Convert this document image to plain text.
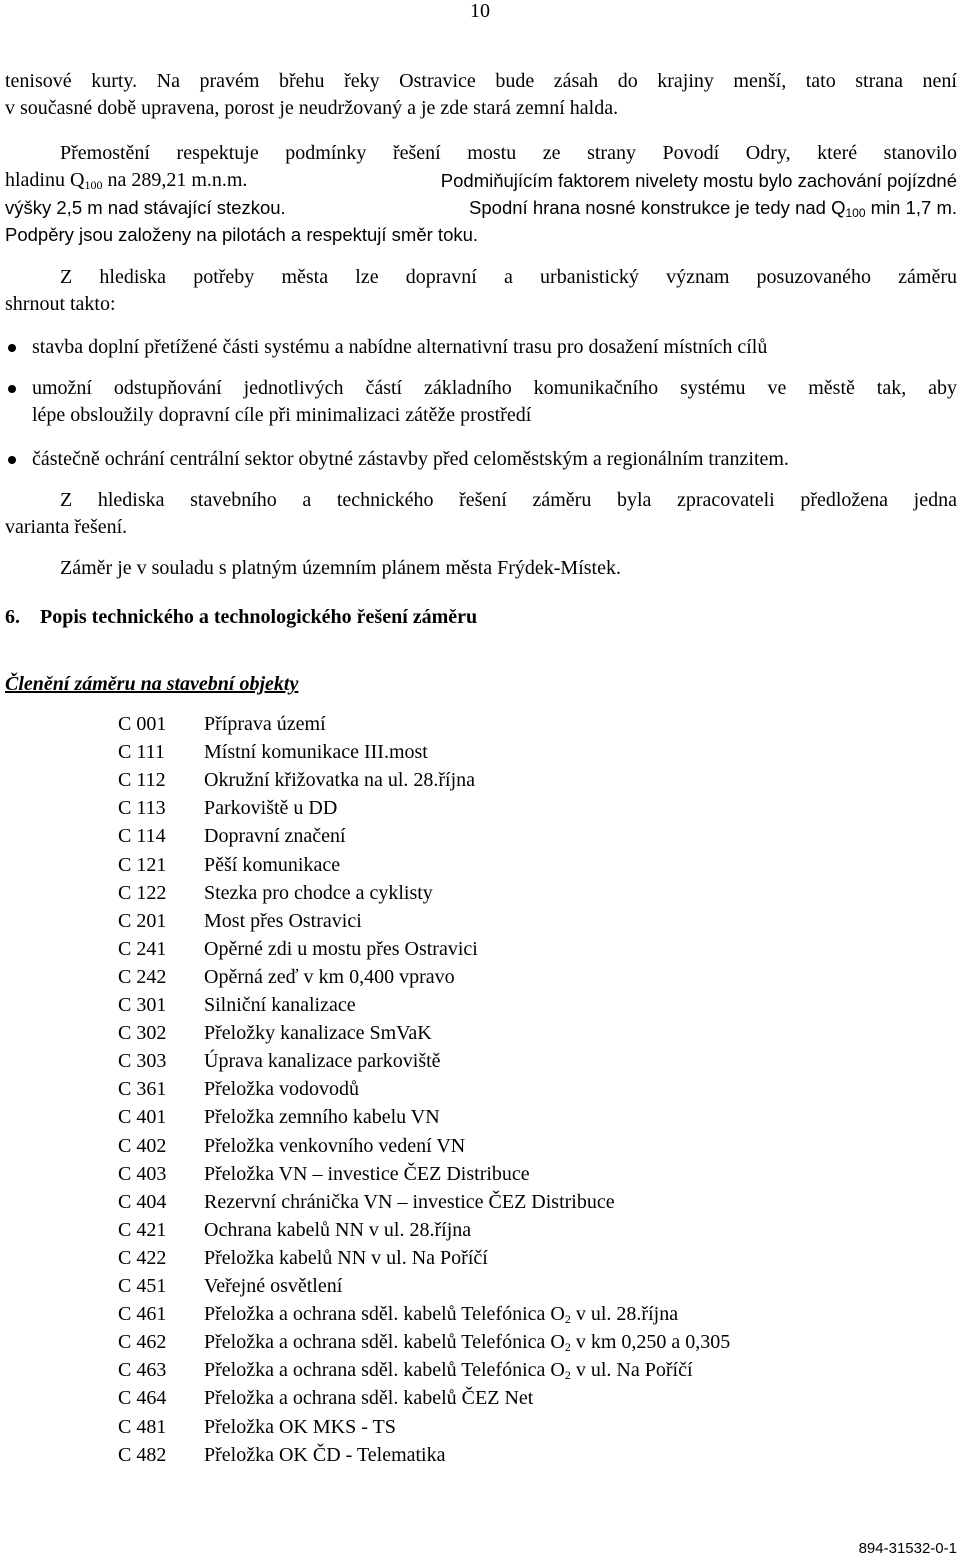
10
tenisové kurty. Na pravém břehu řeky Ostravice bude zásah do krajiny menší, tato strana není
v současné době upravena, porost je neudržovaný a je zde stará zemní halda.
Přemostění respektuje podmínky řešení mostu ze strany Povodí Odry, které stanovilo
hladinu $Q_{100}$ na 289,21 m.n.m.	Podmiňujícím faktorem nivelety mostu bylo zachování pojízdné
výšky 2,5 m nad stávající stezkou.	Spodní hrana nosné konstrukce je tedy nad $Q_{100}$ min 1,7 m.
Podpěry jsou založeny na pilotách a respektují směr toku.
Z hlediska potřeby města lze dopravní a urbanistický význam posuzovaného záměru
shrnout takto:
stavba doplní přetížené části systému a nabídne alternativní trasu pro dosažení místních cílů
umožní odstupňování jednotlivých částí základního komunikačního systému ve městě tak, aby
lépe obsloužily dopravní cíle při minimalizaci zátěže prostředí
částečně ochrání centrální sektor obytné zástavby před celoměstským a regionálním tranzitem.
Z hlediska stavebního a technického řešení záměru byla zpracovateli předložena jedna
varianta řešení.
Záměr je v souladu s platným územním plánem města Frýdek-Místek.
6.    Popis technického a technologického řešení záměru
Členění záměru na stavební objekty
C 001 Příprava území
C 111 Místní komunikace III.most
C 112 Okružní křižovatka na ul. 28.října
C 113 Parkoviště u DD
C 114 Dopravní značení
C 121 Pěší komunikace
C 122 Stezka pro chodce a cyklisty
C 201 Most přes Ostravici
C 241 Opěrné zdi u mostu přes Ostravici
C 242 Opěrná zeď v km 0,400 vpravo
C 301 Silniční kanalizace
C 302 Přeložky kanalizace SmVaK
C 303 Úprava kanalizace parkoviště
C 361 Přeložka vodovodů
C 401 Přeložka zemního kabelu VN
C 402 Přeložka venkovního vedení VN
C 403 Přeložka VN – investice ČEZ Distribuce
C 404 Rezervní chránička VN – investice ČEZ Distribuce
C 421 Ochrana kabelů NN v ul. 28.října
C 422 Přeložka kabelů NN v ul. Na Poříčí
C 451 Veřejné osvětlení
C 461 Přeložka a ochrana sděl. kabelů Telefónica $O_2$ v ul. 28.října
C 462 Přeložka a ochrana sděl. kabelů Telefónica $O_2$ v km 0,250 a 0,305
C 463 Přeložka a ochrana sděl. kabelů Telefónica $O_2$ v ul. Na Poříčí
C 464 Přeložka a ochrana sděl. kabelů ČEZ Net
C 481 Přeložka OK MKS - TS
C 482 Přeložka OK ČD - Telematika
894-31532-0-1
